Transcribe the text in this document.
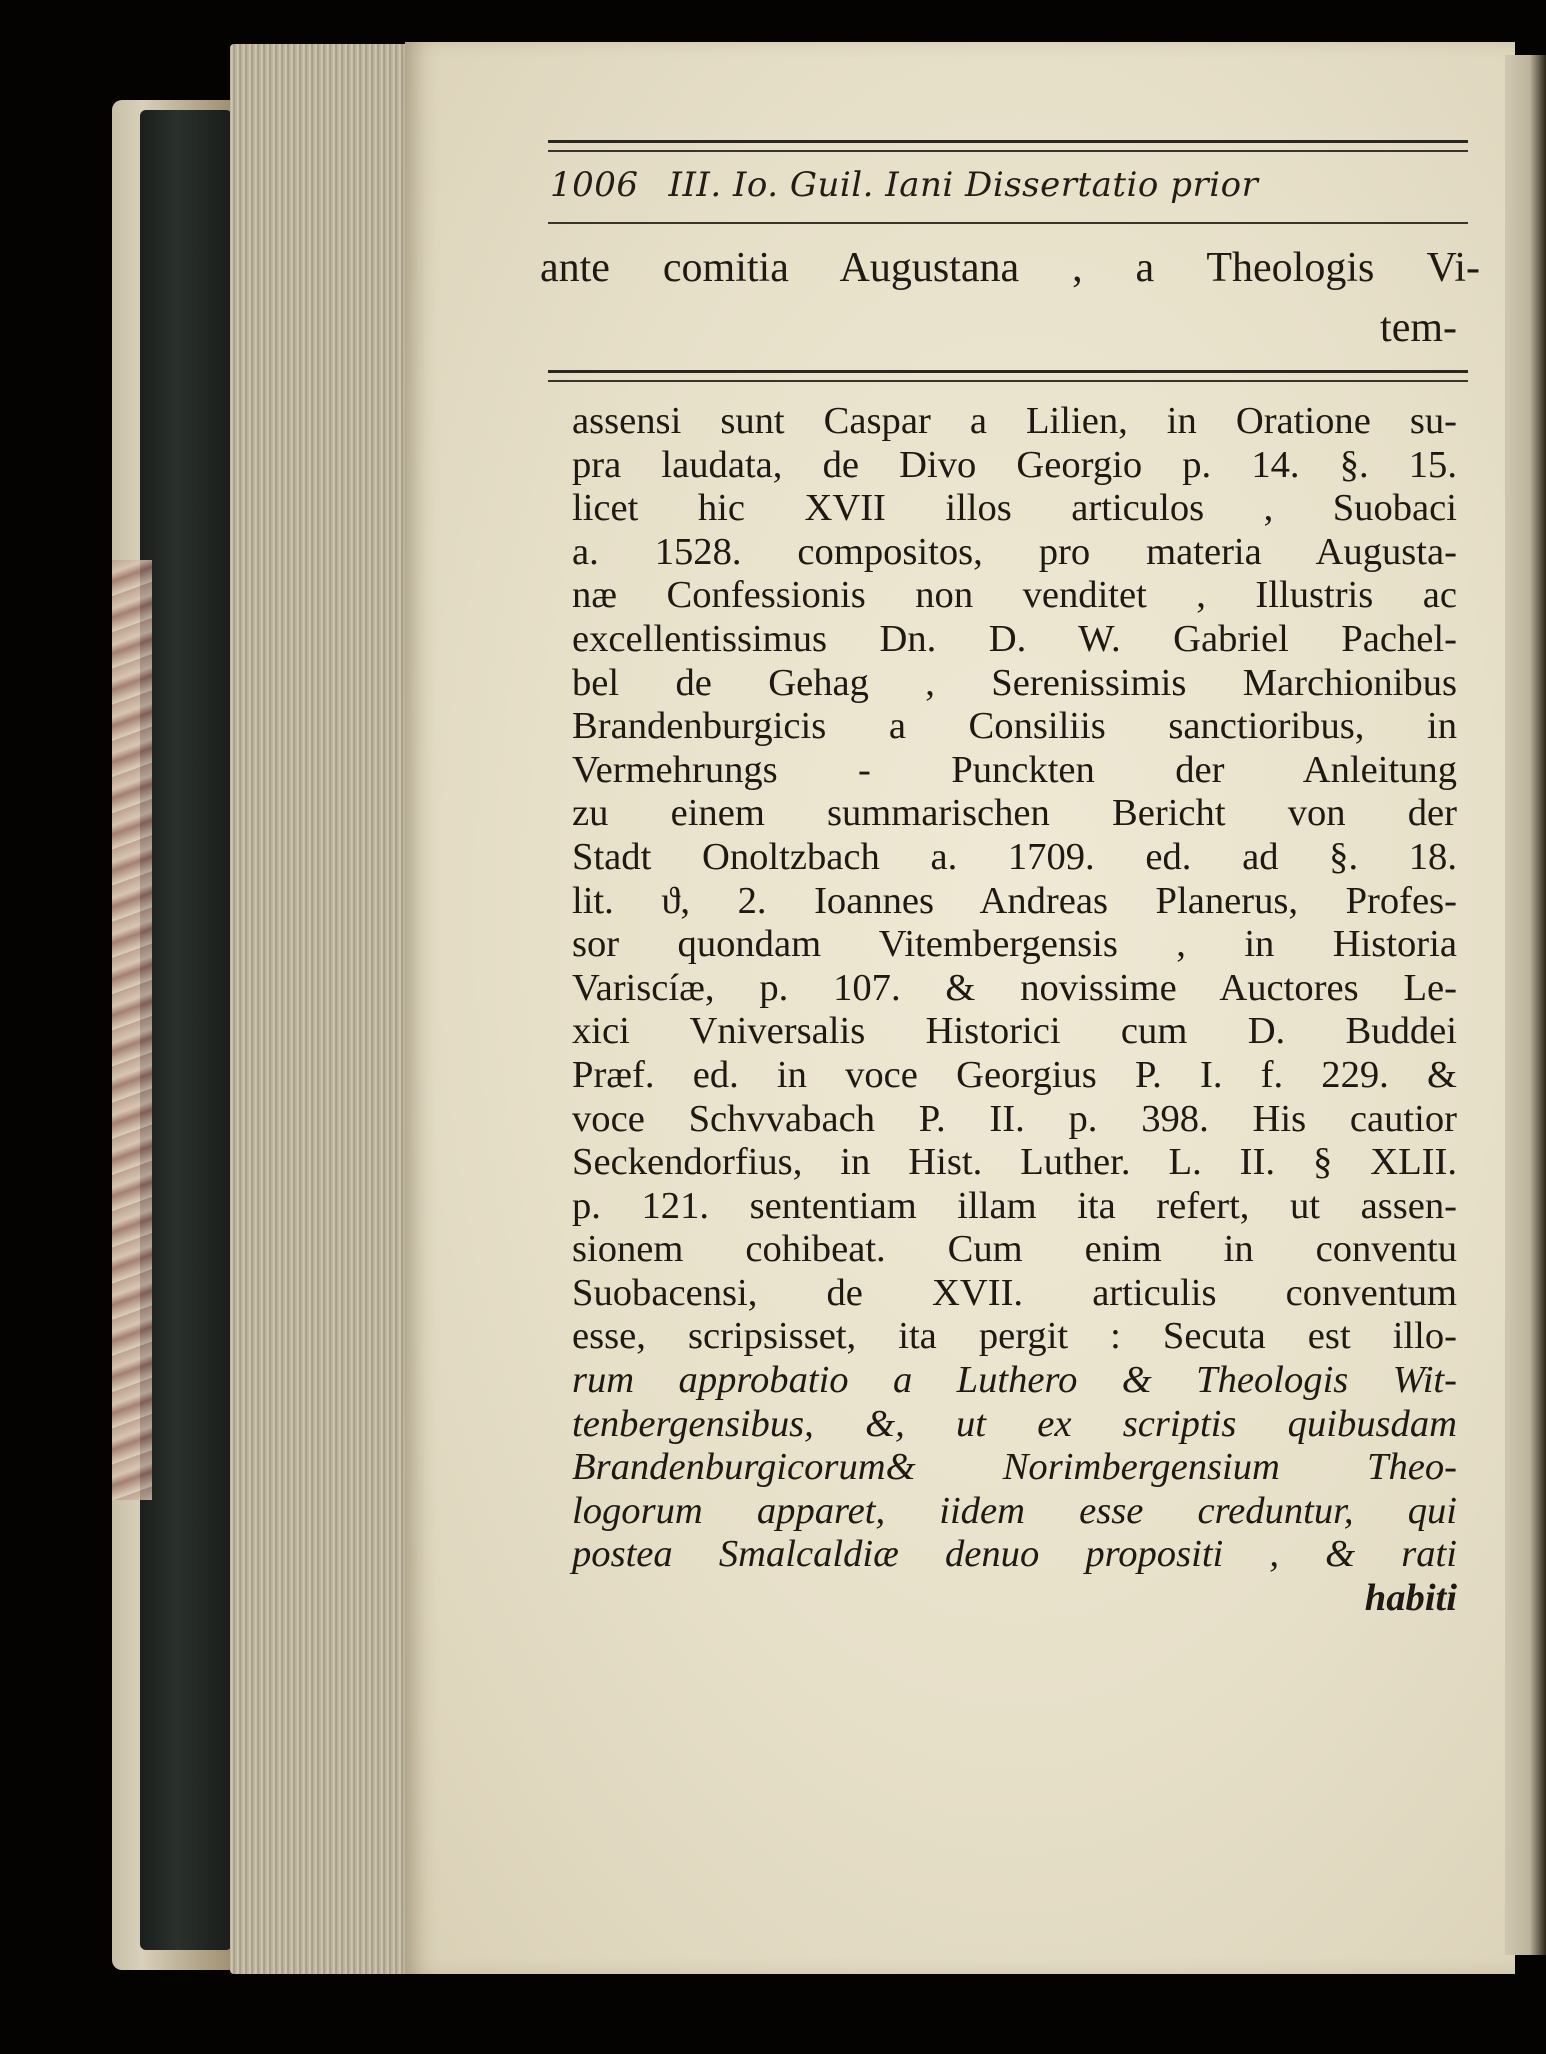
1006 III. Io. Guil. Iani Dissertatio prior
ante comitia Augustana , a Theologis Vi-
tem-
assensi sunt Caspar a Lilien, in Oratione su-
pra laudata, de Divo Georgio p. 14. §. 15.
licet hic XVII illos articulos , Suobaci
a. 1528. compositos, pro materia Augusta-
næ Confessionis non venditet , Illustris ac
excellentissimus Dn. D. W. Gabriel Pachel-
bel de Gehag , Serenissimis Marchionibus
Brandenburgicis a Consiliis sanctioribus, in
Vermehrungs - Punckten der Anleitung
zu einem summarischen Bericht von der
Stadt Onoltzbach a. 1709. ed. ad §. 18.
lit. ϑ, 2. Ioannes Andreas Planerus, Profes-
sor quondam Vitembergensis , in Historia
Variscíæ, p. 107. & novissime Auctores Le-
xici Vniversalis Historici cum D. Buddei
Præf. ed. in voce Georgius P. I. f. 229. &
voce Schvvabach P. II. p. 398. His cautior
Seckendorfius, in Hist. Luther. L. II. § XLII.
p. 121. sententiam illam ita refert, ut assen-
sionem cohibeat. Cum enim in conventu
Suobacensi, de XVII. articulis conventum
esse, scripsisset, ita pergit : Secuta est illo-
rum approbatio a Luthero & Theologis Wit-
tenbergensibus, &, ut ex scriptis quibusdam
Brandenburgicorum& Norimbergensium Theo-
logorum apparet, iidem esse creduntur, qui
postea Smalcaldiæ denuo propositi , & rati
habiti
